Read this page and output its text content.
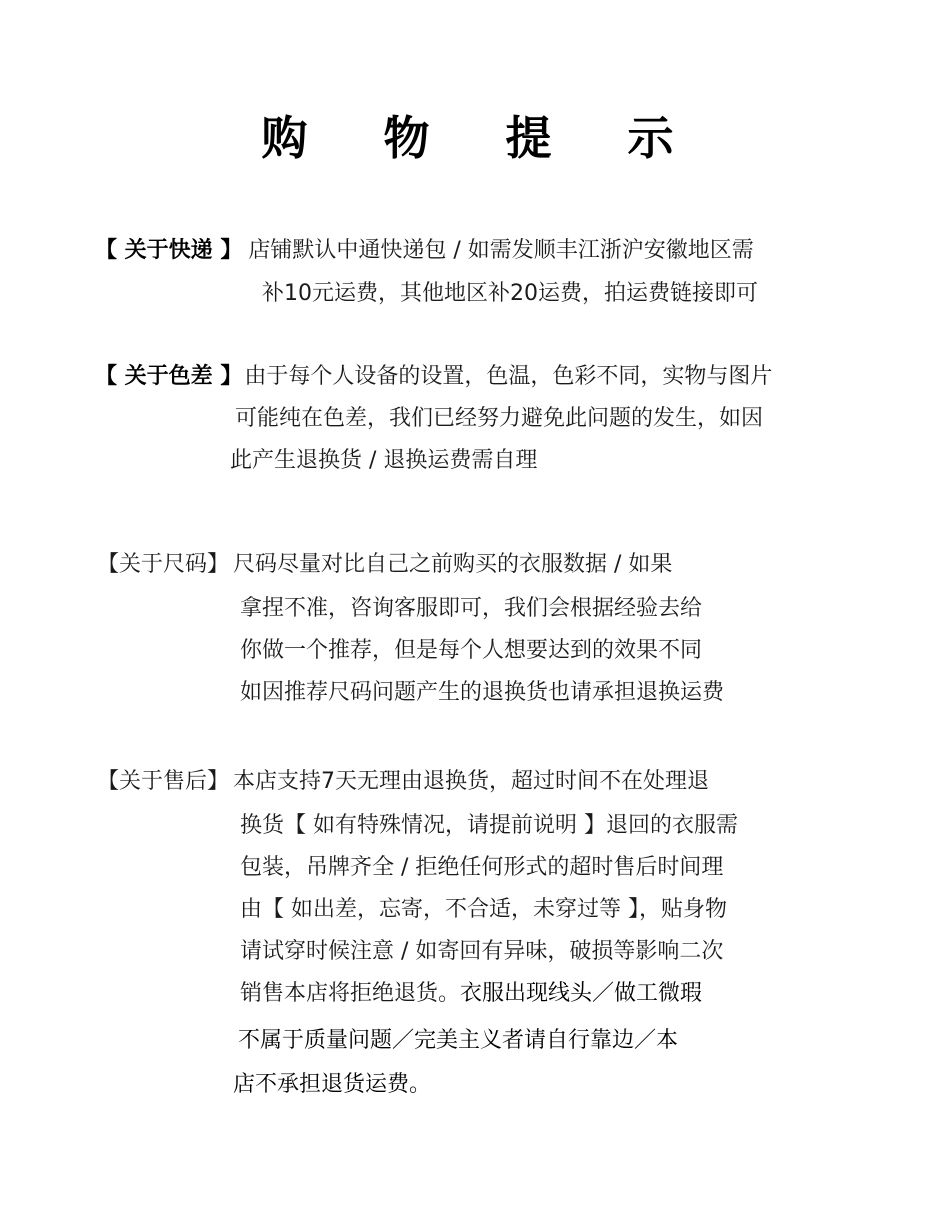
购 物 提 示
【 关于快递 】 店铺默认中通快递包 / 如需发顺丰江浙沪安徽地区需
补10元运费，其他地区补20运费，拍运费链接即可
【 关于色差 】由于每个人设备的设置，色温，色彩不同，实物与图片
可能纯在色差，我们已经努力避免此问题的发生，如因
此产生退换货 / 退换运费需自理
【关于尺码】 尺码尽量对比自己之前购买的衣服数据 / 如果
拿捏不准，咨询客服即可，我们会根据经验去给
你做一个推荐，但是每个人想要达到的效果不同
如因推荐尺码问题产生的退换货也请承担退换运费
【关于售后】 本店支持7天无理由退换货，超过时间不在处理退
换货【 如有特殊情况，请提前说明 】退回的衣服需
包装，吊牌齐全 / 拒绝任何形式的超时售后时间理
由【 如出差，忘寄，不合适，未穿过等 】，贴身物
请试穿时候注意 / 如寄回有异味，破损等影响二次
销售本店将拒绝退货。衣服出现线头／做工微瑕
不属于质量问题／完美主义者请自行靠边／本
店不承担退货运费。
